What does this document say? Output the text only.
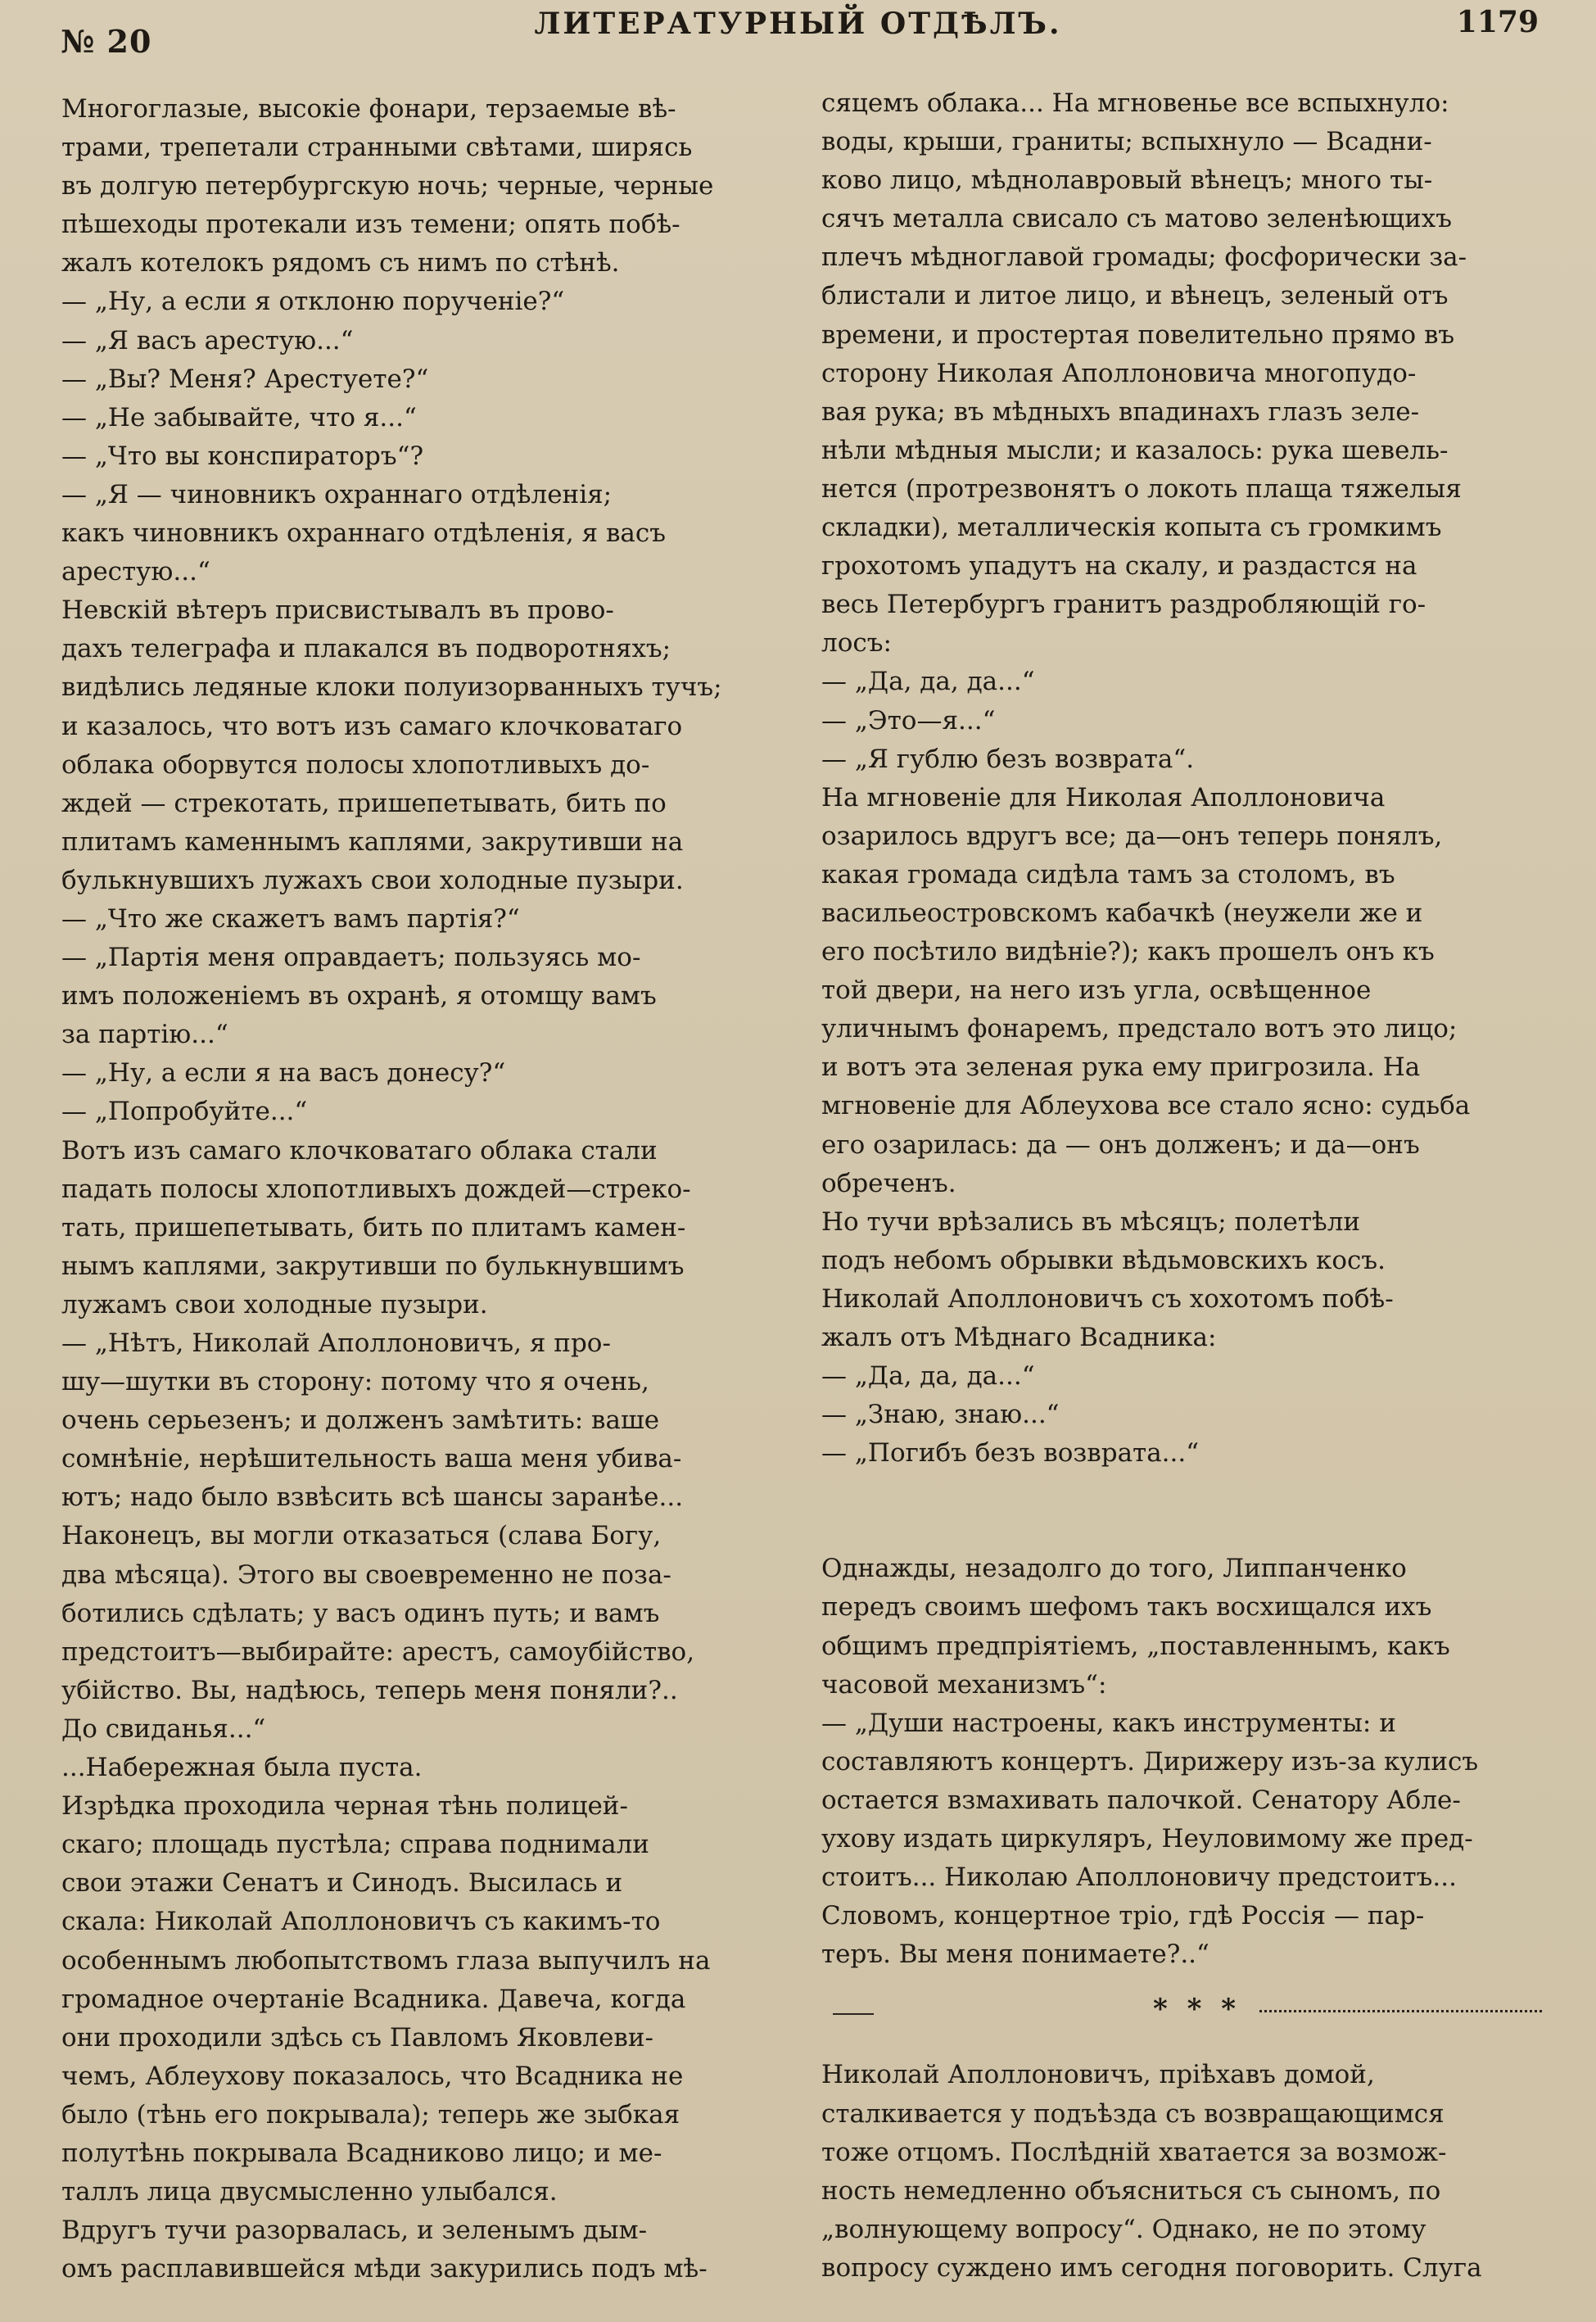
№ 20	ЛИТЕРАТУРНЫЙ ОТДѢЛЪ.	1179
Многоглазые, высокіе фонари, терзаемые вѣ-
трами, трепетали странными свѣтами, ширясь
въ долгую петербургскую ночь; черные, черные
пѣшеходы протекали изъ темени; опять побѣ-
жалъ котелокъ рядомъ съ нимъ по стѣнѣ.
— „Ну, а если я отклоню порученіе?“
— „Я васъ арестую...“
— „Вы? Меня? Арестуете?“
— „Не забывайте, что я...“
— „Что вы конспираторъ“?
— „Я — чиновникъ охраннаго отдѣленія;
какъ чиновникъ охраннаго отдѣленія, я васъ
арестую...“
Невскій вѣтеръ присвистывалъ въ прово-
дахъ телеграфа и плакался въ подворотняхъ;
видѣлись ледяные клоки полуизорванныхъ тучъ;
и казалось, что вотъ изъ самаго клочковатаго
облака оборвутся полосы хлопотливыхъ до-
ждей — стрекотать, пришепетывать, бить по
плитамъ каменнымъ каплями, закрутивши на
булькнувшихъ лужахъ свои холодные пузыри.
— „Что же скажетъ вамъ партія?“
— „Партія меня оправдаетъ; пользуясь мо-
имъ положеніемъ въ охранѣ, я отомщу вамъ
за партію...“
— „Ну, а если я на васъ донесу?“
— „Попробуйте...“
Вотъ изъ самаго клочковатаго облака стали
падать полосы хлопотливыхъ дождей—стреко-
тать, пришепетывать, бить по плитамъ камен-
нымъ каплями, закрутивши по булькнувшимъ
лужамъ свои холодные пузыри.
— „Нѣтъ, Николай Аполлоновичъ, я про-
шу—шутки въ сторону: потому что я очень,
очень серьезенъ; и долженъ замѣтить: ваше
сомнѣніе, нерѣшительность ваша меня убива-
ютъ; надо было взвѣсить всѣ шансы заранѣе...
Наконецъ, вы могли отказаться (слава Богу,
два мѣсяца). Этого вы своевременно не поза-
ботились сдѣлать; у васъ одинъ путь; и вамъ
предстоитъ—выбирайте: арестъ, самоубійство,
убійство. Вы, надѣюсь, теперь меня поняли?..
До свиданья...“
...Набережная была пуста.
Изрѣдка проходила черная тѣнь полицей-
скаго; площадь пустѣла; справа поднимали
свои этажи Сенатъ и Синодъ. Высилась и
скала: Николай Аполлоновичъ съ какимъ-то
особеннымъ любопытствомъ глаза выпучилъ на
громадное очертаніе Всадника. Давеча, когда
они проходили здѣсь съ Павломъ Яковлеви-
чемъ, Аблеухову показалось, что Всадника не
было (тѣнь его покрывала); теперь же зыбкая
полутѣнь покрывала Всадниково лицо; и ме-
таллъ лица двусмысленно улыбался.
Вдругъ тучи разорвалась, и зеленымъ дым-
омъ расплавившейся мѣди закурились подъ мѣ-
сяцемъ облака... На мгновенье все вспыхнуло:
воды, крыши, граниты; вспыхнуло — Всадни-
ково лицо, мѣднолавровый вѣнецъ; много ты-
сячъ металла свисало съ матово зеленѣющихъ
плечъ мѣдноглавой громады; фосфорически за-
блистали и литое лицо, и вѣнецъ, зеленый отъ
времени, и простертая повелительно прямо въ
сторону Николая Аполлоновича многопудо-
вая рука; въ мѣдныхъ впадинахъ глазъ зеле-
нѣли мѣдныя мысли; и казалось: рука шевель-
нется (протрезвонятъ о локоть плаща тяжелыя
складки), металлическія копыта съ громкимъ
грохотомъ упадутъ на скалу, и раздастся на
весь Петербургъ гранитъ раздробляющій го-
лосъ:
— „Да, да, да...“
— „Это—я...“
— „Я гублю безъ возврата“.
На мгновеніе для Николая Аполлоновича
озарилось вдругъ все; да—онъ теперь понялъ,
какая громада сидѣла тамъ за столомъ, въ
васильеостровскомъ кабачкѣ (неужели же и
его посѣтило видѣніе?); какъ прошелъ онъ къ
той двери, на него изъ угла, освѣщенное
уличнымъ фонаремъ, предстало вотъ это лицо;
и вотъ эта зеленая рука ему пригрозила. На
мгновеніе для Аблеухова все стало ясно: судьба
его озарилась: да — онъ долженъ; и да—онъ
обреченъ.
Но тучи врѣзались въ мѣсяцъ; полетѣли
подъ небомъ обрывки вѣдьмовскихъ косъ.
Николай Аполлоновичъ съ хохотомъ побѣ-
жалъ отъ Мѣднаго Всадника:
— „Да, да, да...“
— „Знаю, знаю...“
— „Погибъ безъ возврата...“
Однажды, незадолго до того, Липпанченко
передъ своимъ шефомъ такъ восхищался ихъ
общимъ предпріятіемъ, „поставленнымъ, какъ
часовой механизмъ“:
— „Души настроены, какъ инструменты: и
составляютъ концертъ. Дирижеру изъ-за кулисъ
остается взмахивать палочкой. Сенатору Абле-
ухову издать циркуляръ, Неуловимому же пред-
стоитъ... Николаю Аполлоновичу предстоитъ...
Словомъ, концертное тріо, гдѣ Россія — пар-
теръ. Вы меня понимаете?..“
* * *
Николай Аполлоновичъ, пріѣхавъ домой,
сталкивается у подъѣзда съ возвращающимся
тоже отцомъ. Послѣдній хватается за возмож-
ность немедленно объясниться съ сыномъ, по
„волнующему вопросу“. Однако, не по этому
вопросу суждено имъ сегодня поговорить. Слуга
